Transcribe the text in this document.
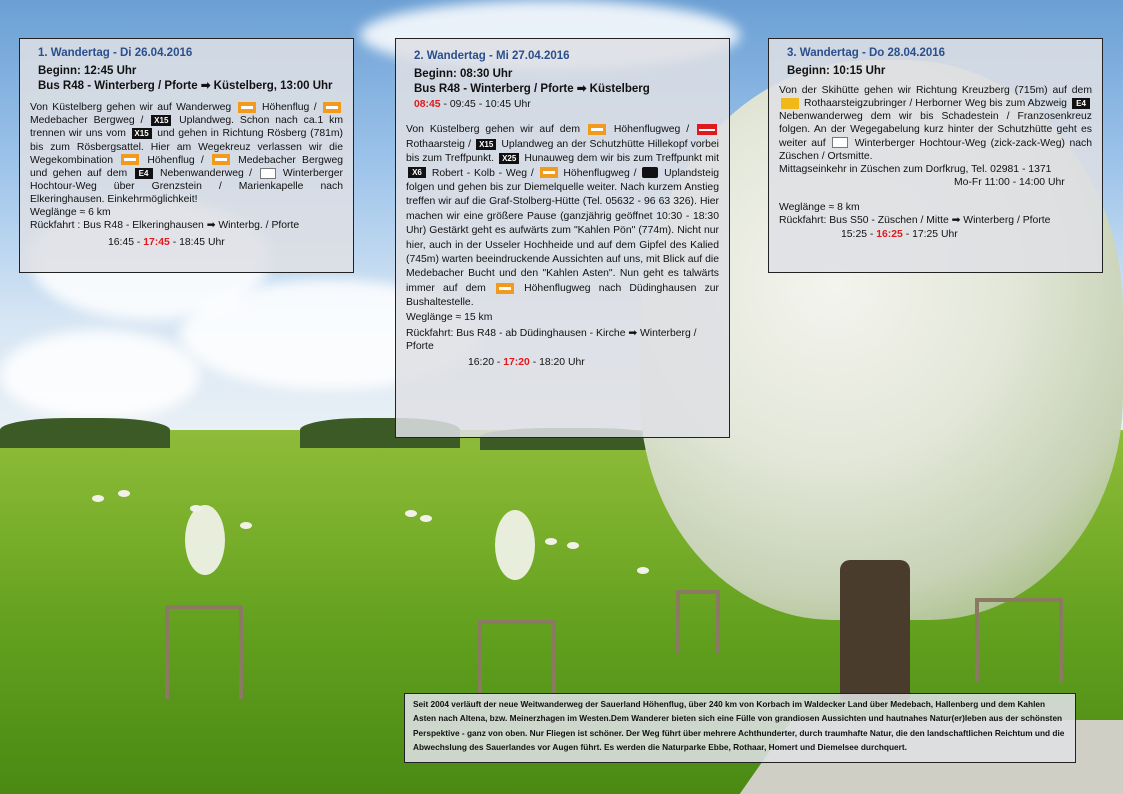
1. Wandertag - Di 26.04.2016
Beginn: 12:45 Uhr
Bus R48 - Winterberg / Pforte ➡ Küstelberg, 13:00 Uhr
Von Küstelberg gehen wir auf Wanderweg	Höhenflug /  Medebacher Bergweg / X15 Uplandweg. Schon nach ca.1 km trennen wir uns vom X15 und gehen in Richtung Rösberg (781m) bis zum Rösbergsattel. Hier am Wegekreuz verlassen wir die Wegekombination	Höhenflug /	Medebacher Bergweg und gehen auf dem E4 Nebenwanderweg /	Winterberger Hochtour-Weg über Grenzstein / Marienkapelle nach Elkeringhausen. Einkehrmöglichkeit!
Weglänge ≈ 6 km
Rückfahrt : Bus R48 - Elkeringhausen ➡ Winterbg. / Pforte
16:45 - 17:45 - 18:45 Uhr
2. Wandertag - Mi 27.04.2016
Beginn: 08:30 Uhr
Bus R48 - Winterberg / Pforte ➡ Küstelberg
08:45 - 09:45 - 10:45 Uhr
Von Küstelberg gehen wir auf dem	Höhenflugweg /  Rothaarsteig / X15 Uplandweg an der Schutzhütte Hillekopf vorbei bis zum Treffpunkt. X25 Hunauweg dem wir bis zum Treffpunkt mit X6 Robert - Kolb - Weg /	Höhenflugweg /	Uplandsteig folgen und gehen bis zur Diemelquelle weiter. Nach kurzem Anstieg treffen wir auf die Graf-Stolberg-Hütte (Tel. 05632 - 96 63 326). Hier machen wir eine größere Pause (ganzjährig geöffnet 10:30 - 18:30 Uhr) Gestärkt geht es aufwärts zum "Kahlen Pön" (774m). Nicht nur hier, auch in der Usseler Hochheide und auf dem Gipfel des Kalied (745m) warten beeindruckende Aussichten auf uns, mit Blick auf die Medebacher Bucht und den "Kahlen Asten". Nun geht es talwärts immer auf dem	Höhenflugweg nach Düdinghausen zur Bushaltestelle.
Weglänge ≈ 15 km
Rückfahrt: Bus R48 - ab Düdinghausen - Kirche ➡ Winterberg / Pforte
16:20 - 17:20 - 18:20 Uhr
3. Wandertag - Do 28.04.2016
Beginn: 10:15 Uhr
Von der Skihütte gehen wir Richtung Kreuzberg (715m) auf dem  Rothaarsteigzubringer / Herborner Weg bis zum Abzweig E4 Nebenwanderweg dem wir bis Schadestein / Franzosenkreuz folgen. An der Wegegabelung kurz hinter der Schutzhütte geht es weiter auf	Winterberger Hochtour-Weg (zick-zack-Weg) nach Züschen / Ortsmitte.
Mittagseinkehr in Züschen zum Dorfkrug, Tel. 02981 - 1371
Mo-Fr 11:00 - 14:00 Uhr
Weglänge ≈ 8 km
Rückfahrt: Bus S50 - Züschen / Mitte ➡ Winterberg / Pforte
15:25 - 16:25 - 17:25 Uhr
Seit 2004 verläuft der neue Weitwanderweg der Sauerland Höhenflug, über 240 km von Korbach im Waldecker Land über Medebach, Hallenberg und dem Kahlen Asten nach Altena, bzw. Meinerzhagen im Westen.Dem Wanderer bieten sich eine Fülle von grandiosen Aussichten und hautnahes Natur(er)leben aus der schönsten Perspektive - ganz von oben. Nur Fliegen ist schöner. Der Weg führt über mehrere Achthunderter, durch traumhafte Natur, die den landschaftlichen Reichtum und die Abwechslung des Sauerlandes vor Augen führt. Es werden die Naturparke Ebbe, Rothaar, Homert und Diemelsee durchquert.
